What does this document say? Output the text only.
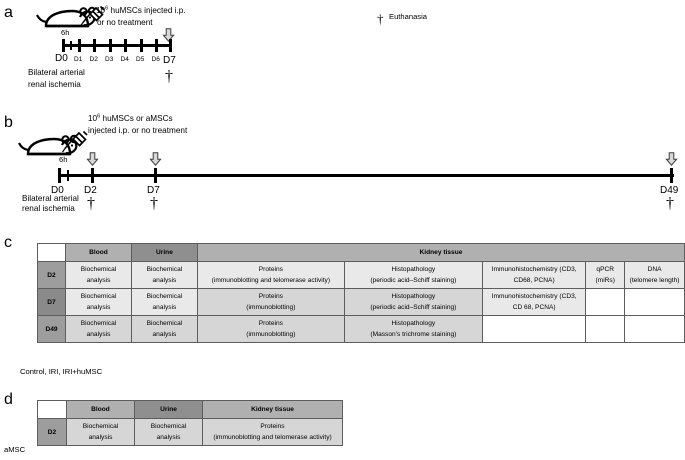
a	$10^6$ huMSCs injected i.p.
or no treatment
6h
D0 D1 D2 D3 D4 D5 D6 D7
†
Bilateral arterial
renal ischemia
† Euthanasia
b	$10^6$ huMSCs or aMSCs
injected i.p. or no treatment
6h
D0 D2	D7	D49
†	†	†
Bilateral arterial
renal ischemia
c
	Blood	Urine	Kidney tissue				
D2	Biochemical
analysis	Biochemical
analysis	Proteins
(immunoblotting and telomerase activity)	Histopathology
(periodic acid–Schiff staining)	Immunohistochemistry (CD3,
CD68, PCNA)	qPCR
(miRs)	DNA
(telomere length)

D7	Biochemical
analysis	Biochemical
analysis	Proteins
(immunoblotting)	Histopathology
(periodic acid–Schiff staining)	Immunohistochemistry (CD3,
CD 68, PCNA)		

D49	Biochemical
analysis	Biochemical
analysis	Proteins
(immunoblotting)	Histopathology
(Masson's trichrome staining)			

Control, IRI, IRI+huMSC
d
	Blood	Urine	Kidney tissue
D2	Biochemical
analysis	Biochemical
analysis	Proteins
(immunoblotting and telomerase activity)
aMSC
